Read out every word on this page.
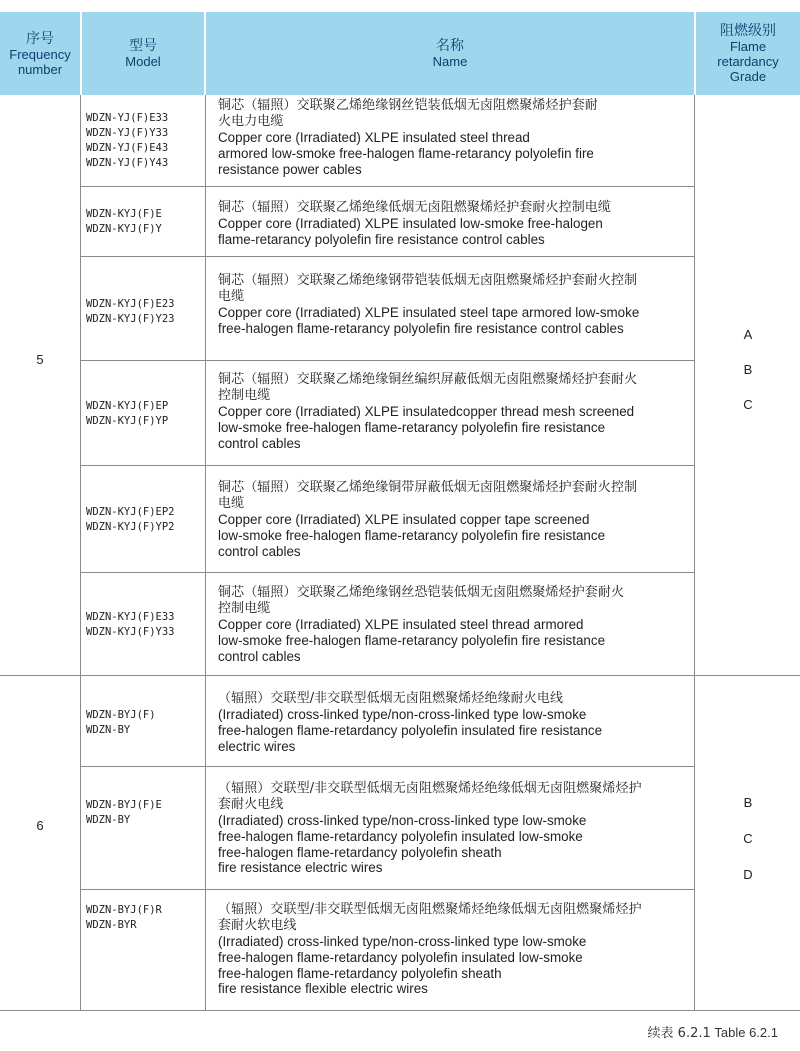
序号
Frequency
number
型号
Model
名称
Name
阻燃级别
Flame
retardancy
Grade
5
A
B
C
WDZN-YJ(F)E33
WDZN-YJ(F)Y33
WDZN-YJ(F)E43
WDZN-YJ(F)Y43
铜芯（辐照）交联聚乙烯绝缘钢丝铠装低烟无卤阻燃聚烯烃护套耐
火电力电缆
Copper core (Irradiated) XLPE insulated steel thread
armored low-smoke free-halogen flame-retarancy polyolefin fire
resistance power cables
WDZN-KYJ(F)E
WDZN-KYJ(F)Y
铜芯（辐照）交联聚乙烯绝缘低烟无卤阻燃聚烯烃护套耐火控制电缆
Copper core (Irradiated) XLPE insulated low-smoke free-halogen
flame-retarancy polyolefin fire resistance control cables
WDZN-KYJ(F)E23
WDZN-KYJ(F)Y23
铜芯（辐照）交联聚乙烯绝缘钢带铠装低烟无卤阻燃聚烯烃护套耐火控制
电缆
Copper core (Irradiated) XLPE insulated steel tape armored low-smoke
free-halogen flame-retarancy polyolefin fire resistance control cables
WDZN-KYJ(F)EP
WDZN-KYJ(F)YP
铜芯（辐照）交联聚乙烯绝缘铜丝编织屏蔽低烟无卤阻燃聚烯烃护套耐火
控制电缆
Copper core (Irradiated) XLPE insulatedcopper thread mesh screened
low-smoke free-halogen flame-retarancy polyolefin fire resistance
control cables
WDZN-KYJ(F)EP2
WDZN-KYJ(F)YP2
铜芯（辐照）交联聚乙烯绝缘铜带屏蔽低烟无卤阻燃聚烯烃护套耐火控制
电缆
Copper core (Irradiated) XLPE insulated copper tape screened
low-smoke free-halogen flame-retarancy polyolefin fire resistance
control cables
WDZN-KYJ(F)E33
WDZN-KYJ(F)Y33
铜芯（辐照）交联聚乙烯绝缘钢丝恐铠装低烟无卤阻燃聚烯烃护套耐火
控制电缆
Copper core (Irradiated) XLPE insulated steel thread armored
low-smoke free-halogen flame-retarancy polyolefin fire resistance
control cables
6
B
C
D
WDZN-BYJ(F)
WDZN-BY
（辐照）交联型/非交联型低烟无卤阻燃聚烯烃绝缘耐火电线
(Irradiated) cross-linked type/non-cross-linked type low-smoke
free-halogen flame-retardancy polyolefin insulated fire resistance
electric wires
WDZN-BYJ(F)E
WDZN-BY
（辐照）交联型/非交联型低烟无卤阻燃聚烯烃绝缘低烟无卤阻燃聚烯烃护
套耐火电线
(Irradiated) cross-linked type/non-cross-linked type low-smoke
free-halogen flame-retardancy polyolefin insulated low-smoke
free-halogen flame-retardancy polyolefin sheath
fire resistance electric wires
WDZN-BYJ(F)R
WDZN-BYR
（辐照）交联型/非交联型低烟无卤阻燃聚烯烃绝缘低烟无卤阻燃聚烯烃护
套耐火软电线
(Irradiated) cross-linked type/non-cross-linked type low-smoke
free-halogen flame-retardancy polyolefin insulated low-smoke
free-halogen flame-retardancy polyolefin sheath
fire resistance flexible electric wires
续表 6.2.1 Table 6.2.1
